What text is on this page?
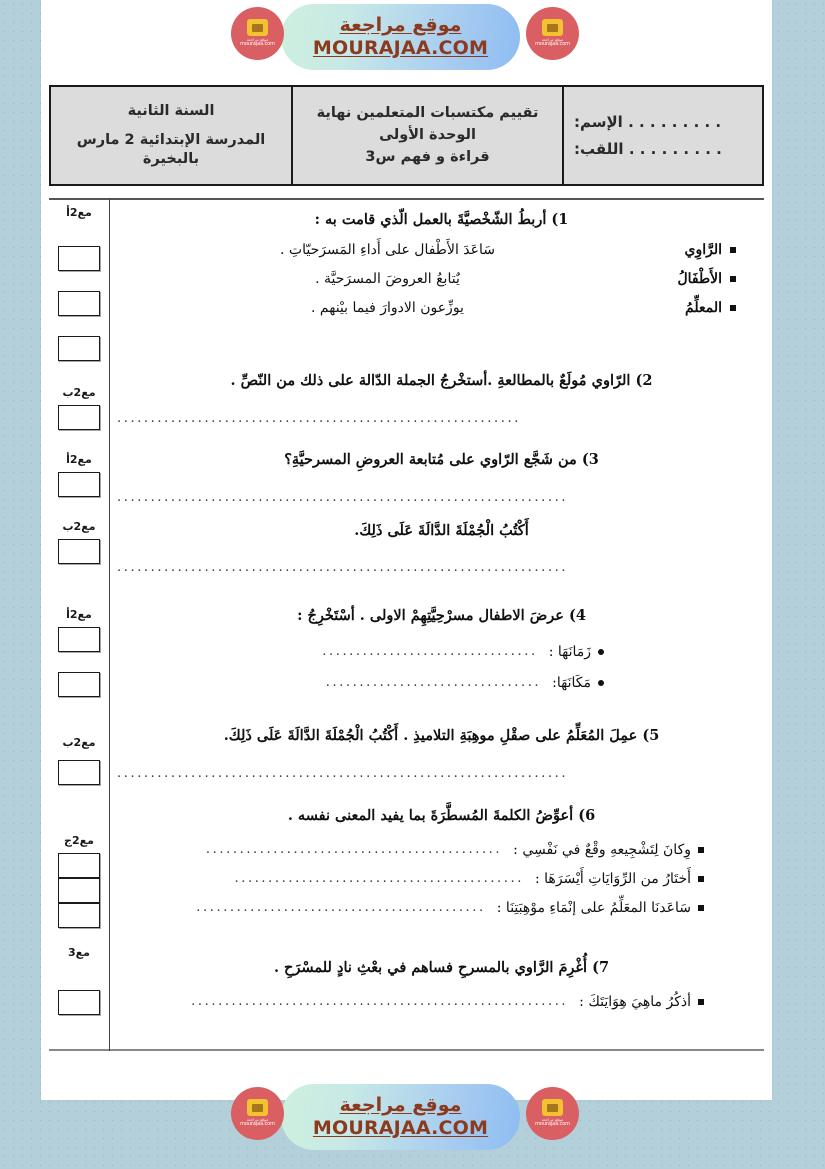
موقع مراجعة
mourajaa.com
موقع مراجعة
MOURAJAA.COM	موقع مراجعة
mourajaa.com
. . . . . . . . . الإسم:
. . . . . . . . . اللقب:
تقييم مكتسبات المتعلمين نهاية
الوحدة الأولى
قراءة و فهم س3
السنة الثانية
المدرسة الإبتدائية 2 مارس
بالبخيرة
مع2أ
مع2ب
مع2أ
مع2ب
مع2أ
مع2ب
مع2ج
مع3
1) أربطُ الشّخْصيَّةَ بالعمل الّذي قامت به :
الرَّاوِي
سَاعَدَ الأَطْفال على أَداءِ المَسرَحيّاتِ .
الأَطْفَالُ
يٌتابعُ العروضَ المسرَحيَّة .
المعلِّمُ
يوزِّعون الادوارَ فيما بيْنهم .
2) الرّاوي مُولَعٌ بالمطالعةِ .أستخْرجُ الجملة الدّالة على ذلك من النّصِّ .
............................................................
3) من شَجَّع الرّاوي على مُتابعة العروضِ المسرحيَّةِ؟
...................................................................
أَكْتُبُ الْجُمْلَةَ الدَّالَةَ عَلَى ذَلِكَ.
...................................................................
4) عرضَ الاطفال مسرْحِيَّتِهِمْ الاولى . أسْتَخْرِجُ :
زَمَانَهَا :
................................
مَكَانَهَا:
................................
5) عمِلَ المُعَلِّمُ على صقْلِ موهِبَةِ التلاميذِ . أَكْتُبُ الْجُمْلَةَ الدَّالَةَ عَلَى ذَلِكَ.
...................................................................
6) أعوِّضُ الكلمةَ المُسطَّرَةَ بما يفيد المعنى نفسه .
وِكانَ لِتَشْجِيعهِ وقْعٌ في نَفْسِي :
............................................
أَختَارُ من الرِّوَايَاتِ أَيْسَرَهَا :
...........................................
سَاعَدنَا المعَلِّمُ على إنْمَاءِ موْهِبَتِنَا :
...........................................
7) أُغْرِمَ الرَّاوي بالمسرحِ فساهم في بعْثِ نادٍ للمسْرَحِ .
أذكُرُ ماهِيَ هِوَايَتَكَ :
........................................................
موقع مراجعة
mourajaa.com
موقع مراجعة
MOURAJAA.COM	موقع مراجعة
mourajaa.com
